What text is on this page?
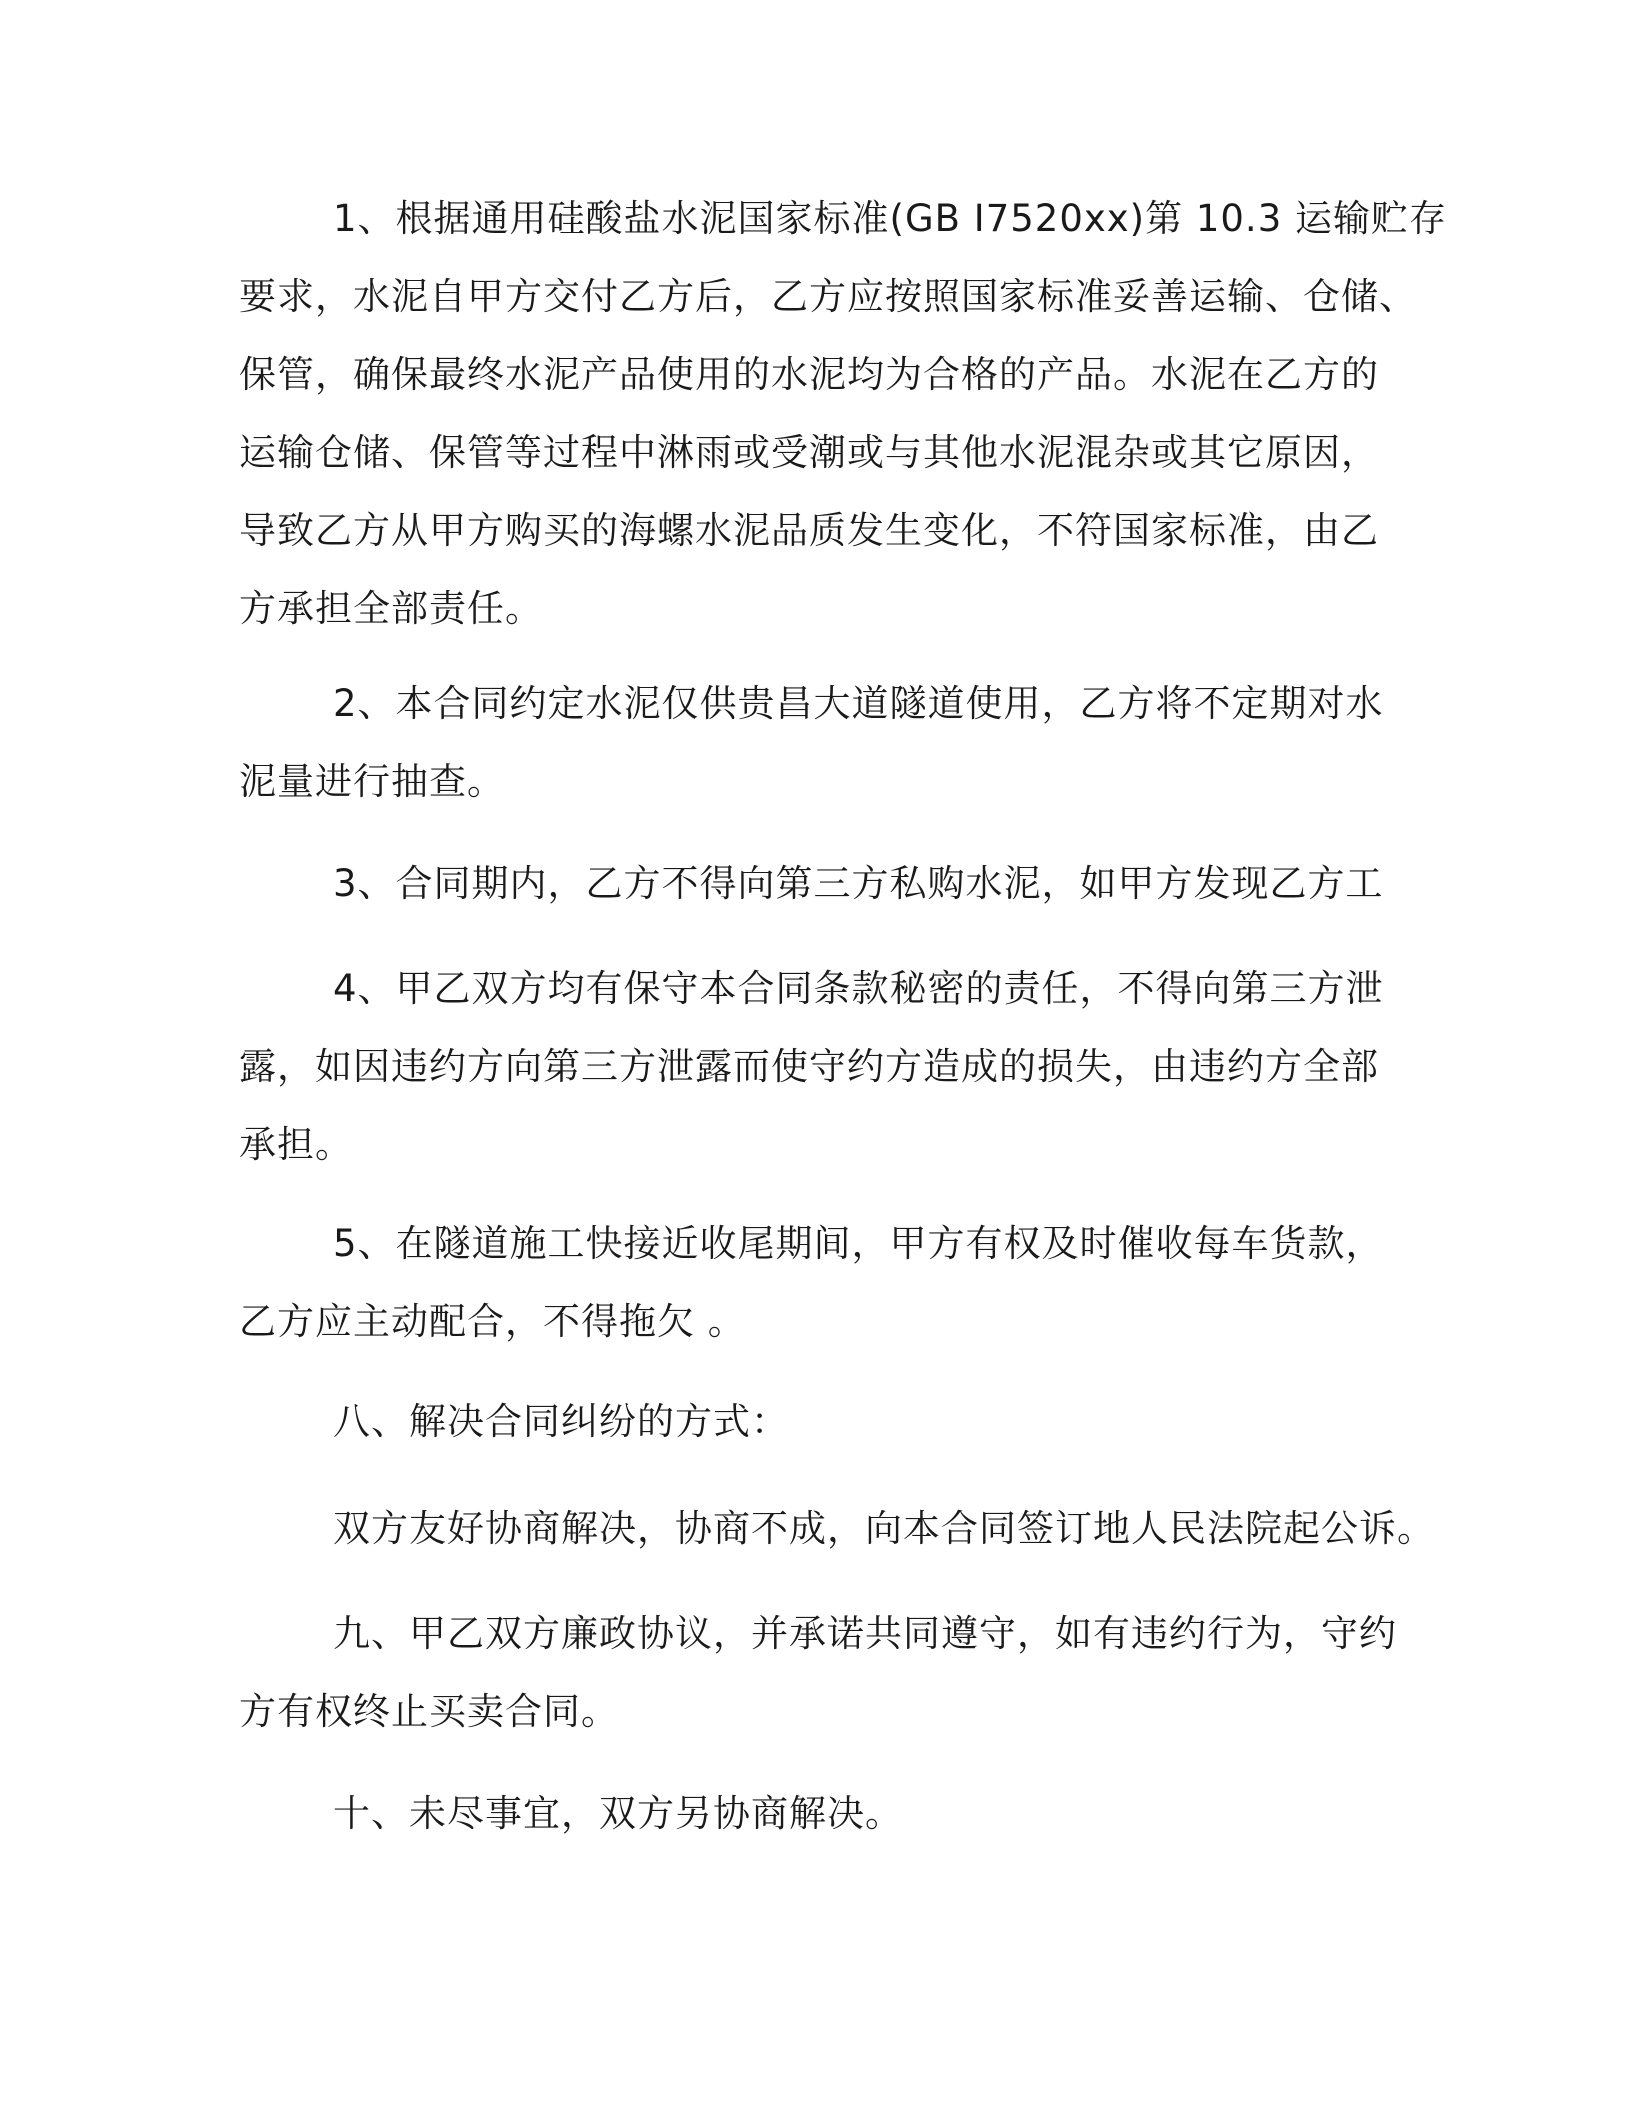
1、根据通用硅酸盐水泥国家标准(GB I7520xx)第 10.3 运输贮存
要求，水泥自甲方交付乙方后，乙方应按照国家标准妥善运输、仓储、
保管，确保最终水泥产品使用的水泥均为合格的产品。水泥在乙方的
运输仓储、保管等过程中淋雨或受潮或与其他水泥混杂或其它原因，
导致乙方从甲方购买的海螺水泥品质发生变化，不符国家标准，由乙
方承担全部责任。
2、本合同约定水泥仅供贵昌大道隧道使用，乙方将不定期对水
泥量进行抽查。
3、合同期内，乙方不得向第三方私购水泥，如甲方发现乙方工
4、甲乙双方均有保守本合同条款秘密的责任，不得向第三方泄
露，如因违约方向第三方泄露而使守约方造成的损失，由违约方全部
承担。
5、在隧道施工快接近收尾期间，甲方有权及时催收每车货款，
乙方应主动配合，不得拖欠 。
八、解决合同纠纷的方式：
双方友好协商解决，协商不成，向本合同签订地人民法院起公诉。
九、甲乙双方廉政协议，并承诺共同遵守，如有违约行为，守约
方有权终止买卖合同。
十、未尽事宜，双方另协商解决。
